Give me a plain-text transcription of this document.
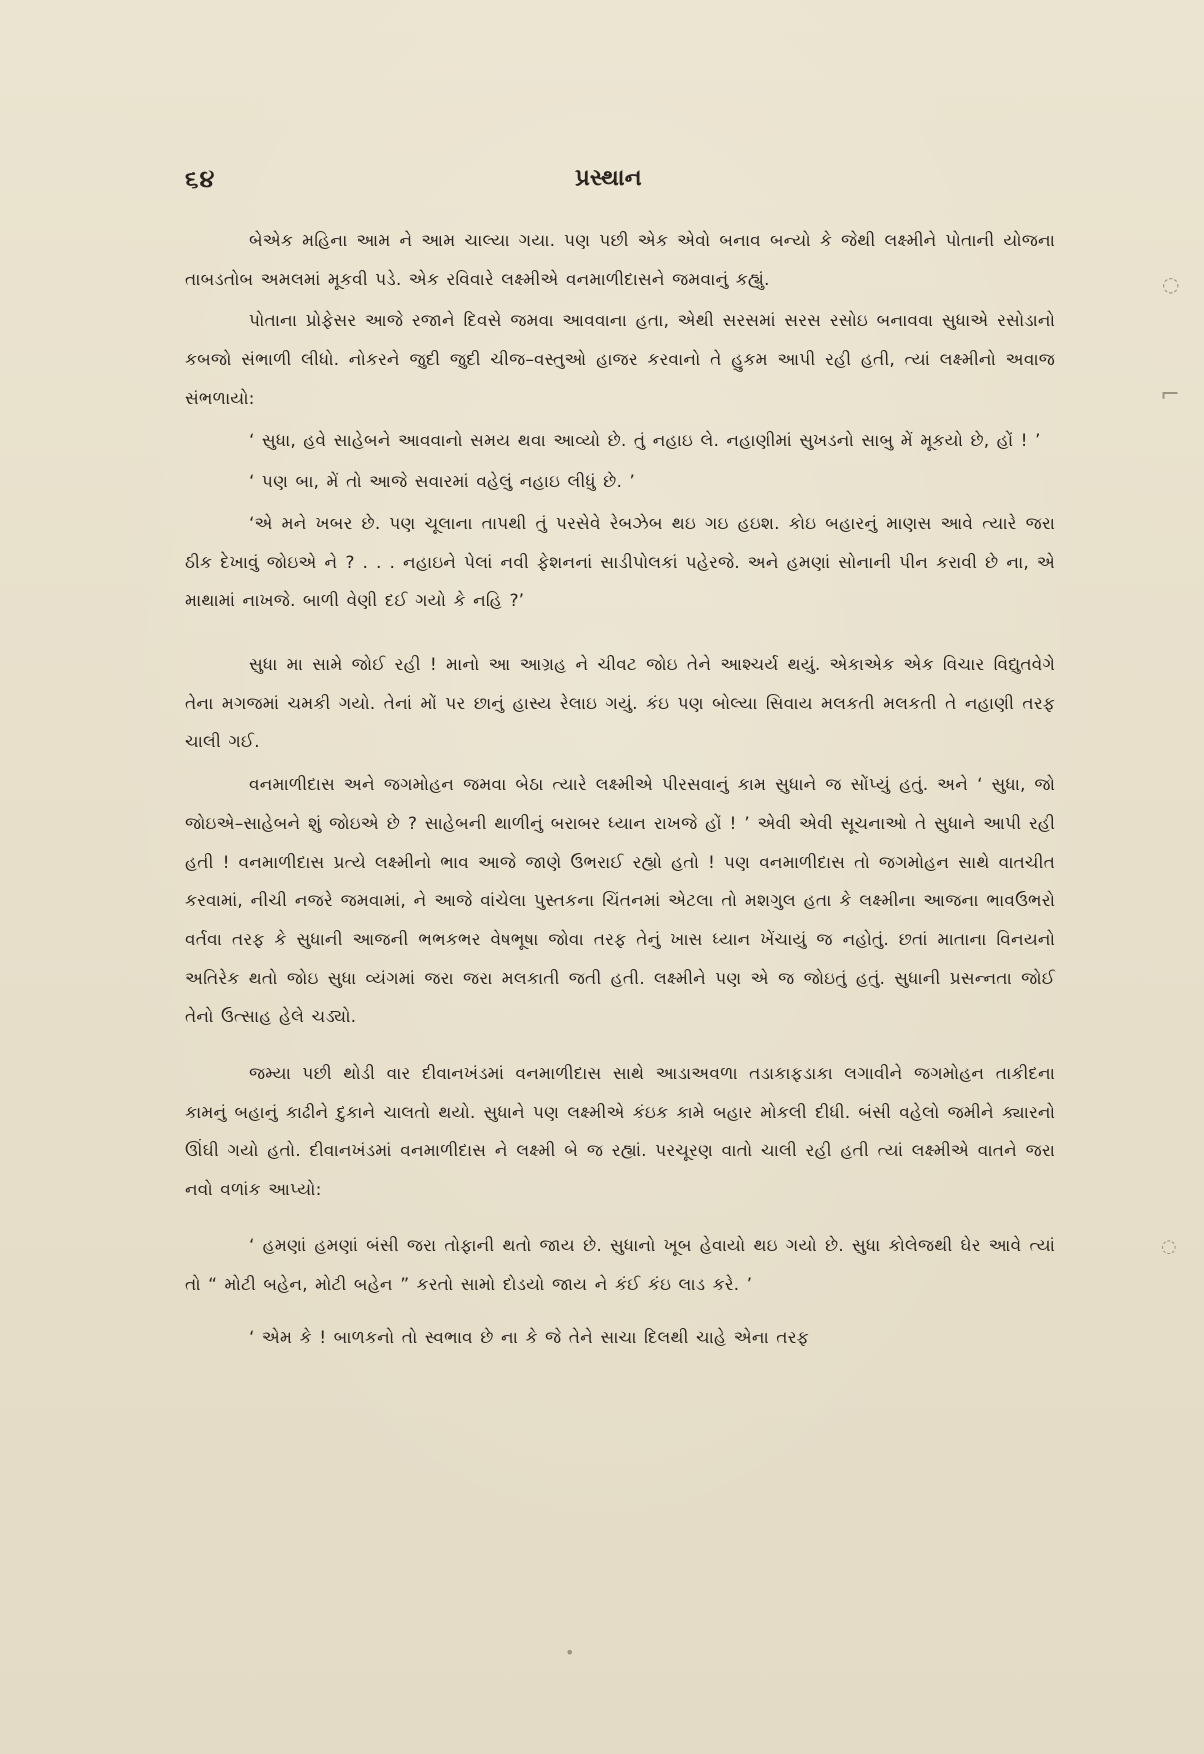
૬૪	પ્રસ્થાન

બેએક મહિના આમ ને આમ ચાલ્યા ગયા. પણ પછી એક એવો બનાવ બન્યો કે જેથી લક્ષ્મીને પોતાની યોજના તાબડતોબ અમલમાં મૂકવી પડે. એક રવિવારે લક્ષ્મીએ વનમાળીદાસને જમવાનું કહ્યું.

પોતાના પ્રોફેસર આજે રજાને દિવસે જમવા આવવાના હતા, એથી સરસમાં સરસ રસોઇ બનાવવા સુધાએ રસોડાનો કબજો સંભાળી લીધો. નોકરને જુદી જુદી ચીજ–વસ્તુઓ હાજર કરવાનો તે હુકમ આપી રહી હતી, ત્યાં લક્ષ્મીનો અવાજ સંભળાયો:

‘ સુધા, હવે સાહેબને આવવાનો સમય થવા આવ્યો છે. તું નહાઇ લે. નહાણીમાં સુખડનો સાબુ મેં મૂકયો છે, હોં ! ’

‘ પણ બા, મેં તો આજે સવારમાં વહેલું નહાઇ લીધું છે. ’

‘એ મને ખબર છે. પણ ચૂલાના તાપથી તું પરસેવે રેબઝેબ થઇ ગઇ હઇશ. કોઇ બહારનું માણસ આવે ત્યારે જરા ઠીક દેખાવું જોઇએ ને ? . . . નહાઇને પેલાં નવી ફેશનનાં સાડીપોલકાં પહેરજે. અને હમણાં સોનાની પીન કરાવી છે ના, એ માથામાં નાખજે. બાળી વેણી દઈ ગયો કે નહિ ?’

સુધા મા સામે જોઈ રહી ! માનો આ આગ્રહ ને ચીવટ જોઇ તેને આશ્ચર્ય થયું. એકાએક એક વિચાર વિદ્યુતવેગે તેના મગજમાં ચમકી ગયો. તેનાં મોં પર છાનું હાસ્ય રેલાઇ ગયું. કંઇ પણ બોલ્યા સિવાય મલકતી મલકતી તે નહાણી તરફ ચાલી ગઈ.

વનમાળીદાસ અને જગમોહન જમવા બેઠા ત્યારે લક્ષ્મીએ પીરસવાનું કામ સુધાને જ સોંપ્યું હતું. અને ‘ સુધા, જો જોઇએ–સાહેબને શું જોઇએ છે ? સાહેબની થાળીનું બરાબર ધ્યાન રાખજે હોં ! ’ એવી એવી સૂચનાઓ તે સુધાને આપી રહી હતી ! વનમાળીદાસ પ્રત્યે લક્ષ્મીનો ભાવ આજે જાણે ઉભરાઈ રહ્યો હતો ! પણ વનમાળીદાસ તો જગમોહન સાથે વાતચીત કરવામાં, નીચી નજરે જમવામાં, ને આજે વાંચેલા પુસ્તકના ચિંતનમાં એટલા તો મશગુલ હતા કે લક્ષ્મીના આજના ભાવઉભરો વર્તવા તરફ કે સુધાની આજની ભભકભર વેષભૂષા જોવા તરફ તેનું ખાસ ધ્યાન ખેંચાયું જ નહોતું. છતાં માતાના વિનયનો અતિરેક થતો જોઇ સુધા વ્યંગમાં જરા જરા મલકાતી જતી હતી. લક્ષ્મીને પણ એ જ જોઇતું હતું. સુધાની પ્રસન્નતા જોઈ તેનો ઉત્સાહ હેલે ચડ્યો.

જમ્યા પછી થોડી વાર દીવાનખંડમાં વનમાળીદાસ સાથે આડાઅવળા તડાકાફડાકા લગાવીને જગમોહન તાકીદના કામનું બહાનું કાઢીને દુકાને ચાલતો થયો. સુધાને પણ લક્ષ્મીએ કંઇક કામે બહાર મોકલી દીધી. બંસી વહેલો જમીને ક્યારનો ઊંઘી ગયો હતો. દીવાનખંડમાં વનમાળીદાસ ને લક્ષ્મી બે જ રહ્યાં. પરચૂરણ વાતો ચાલી રહી હતી ત્યાં લક્ષ્મીએ વાતને જરા નવો વળાંક આપ્યો:

‘ હમણાં હમણાં બંસી જરા તોફાની થતો જાય છે. સુધાનો ખૂબ હેવાયો થઇ ગયો છે. સુધા કોલેજથી ઘેર આવે ત્યાં તો “ મોટી બહેન, મોટી બહેન ” કરતો સામો દોડયો જાય ને કંઈ કંઇ લાડ કરે. ’

‘ એમ કે ! બાળકનો તો સ્વભાવ છે ના કે જે તેને સાચા દિલથી ચાહે એના તરફ

◌
⌐
◌
•
